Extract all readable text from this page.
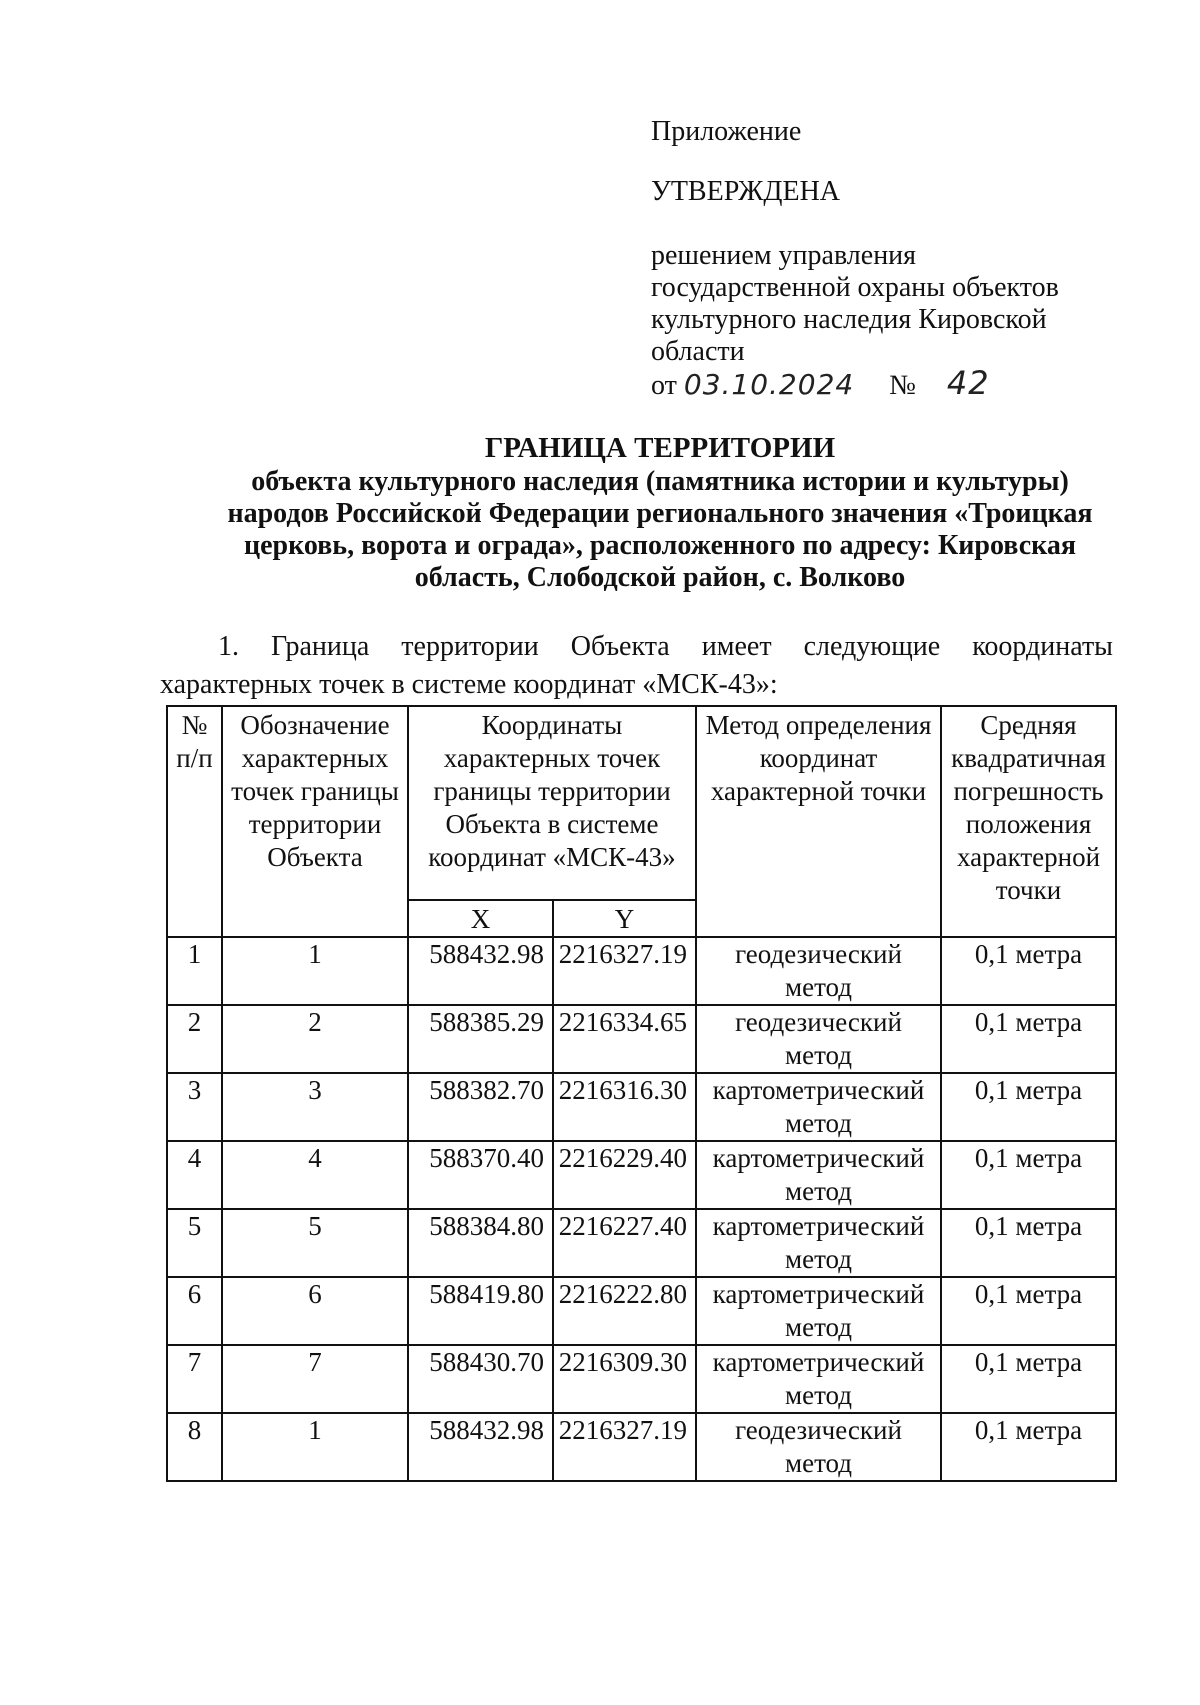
Приложение
УТВЕРЖДЕНА
решением управления
государственной охраны объектов
культурного наследия Кировской
области
от 03.10.2024 № 42
ГРАНИЦА ТЕРРИТОРИИ
объекта культурного наследия (памятника истории и культуры)
народов Российской Федерации регионального значения «Троицкая
церковь, ворота и ограда», расположенного по адресу: Кировская
область, Слободской район, с. Волково
1. Граница территории Объекта имеет следующие координаты
характерных точек в системе координат «МСК-43»:
№ п/п	Обозначение характерных точек границы территории Объекта	Координаты характерных точек границы территории Объекта в системе координат «МСК-43»		Метод определения координат характерной точки	Средняя квадратичная погрешность положения характерной точки
		X	Y		
1	1	588432.98	2216327.19	геодезический метод	0,1 метра
2	2	588385.29	2216334.65	геодезический метод	0,1 метра
3	3	588382.70	2216316.30	картометрический метод	0,1 метра
4	4	588370.40	2216229.40	картометрический метод	0,1 метра
5	5	588384.80	2216227.40	картометрический метод	0,1 метра
6	6	588419.80	2216222.80	картометрический метод	0,1 метра
7	7	588430.70	2216309.30	картометрический метод	0,1 метра
8	1	588432.98	2216327.19	геодезический метод	0,1 метра
